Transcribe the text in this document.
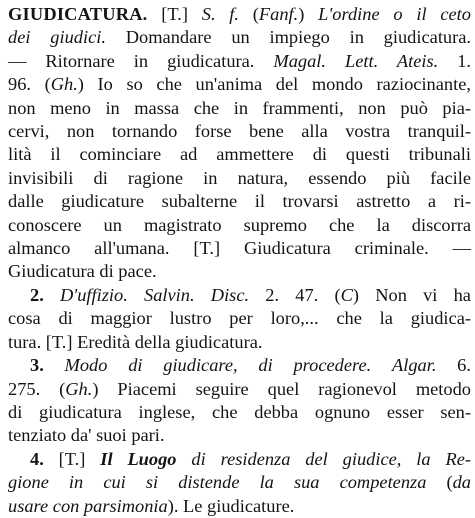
GIUDICATURA. [T.] S. f. (Fanf.) L'ordine o il ceto
dei giudici. Domandare un impiego in giudicatura.
— Ritornare in giudicatura. Magal. Lett. Ateis. 1.
96. (Gh.) Io so che un'anima del mondo raziocinante,
non meno in massa che in frammenti, non può pia-
cervi, non tornando forse bene alla vostra tranquil-
lità il cominciare ad ammettere di questi tribunali
invisibili di ragione in natura, essendo più facile
dalle giudicature subalterne il trovarsi astretto a ri-
conoscere un magistrato supremo che la discorra
almanco all'umana. [T.] Giudicatura criminale. —
Giudicatura di pace.
2. D'uffizio. Salvin. Disc. 2. 47. (C) Non vi ha
cosa di maggior lustro per loro,... che la giudica-
tura. [T.] Eredità della giudicatura.
3. Modo di giudicare, di procedere. Algar. 6.
275. (Gh.) Piacemi seguire quel ragionevol metodo
di giudicatura inglese, che debba ognuno esser sen-
tenziato da' suoi pari.
4. [T.] Il Luogo di residenza del giudice, la Re-
gione in cui si distende la sua competenza (da
usare con parsimonia). Le giudicature.
